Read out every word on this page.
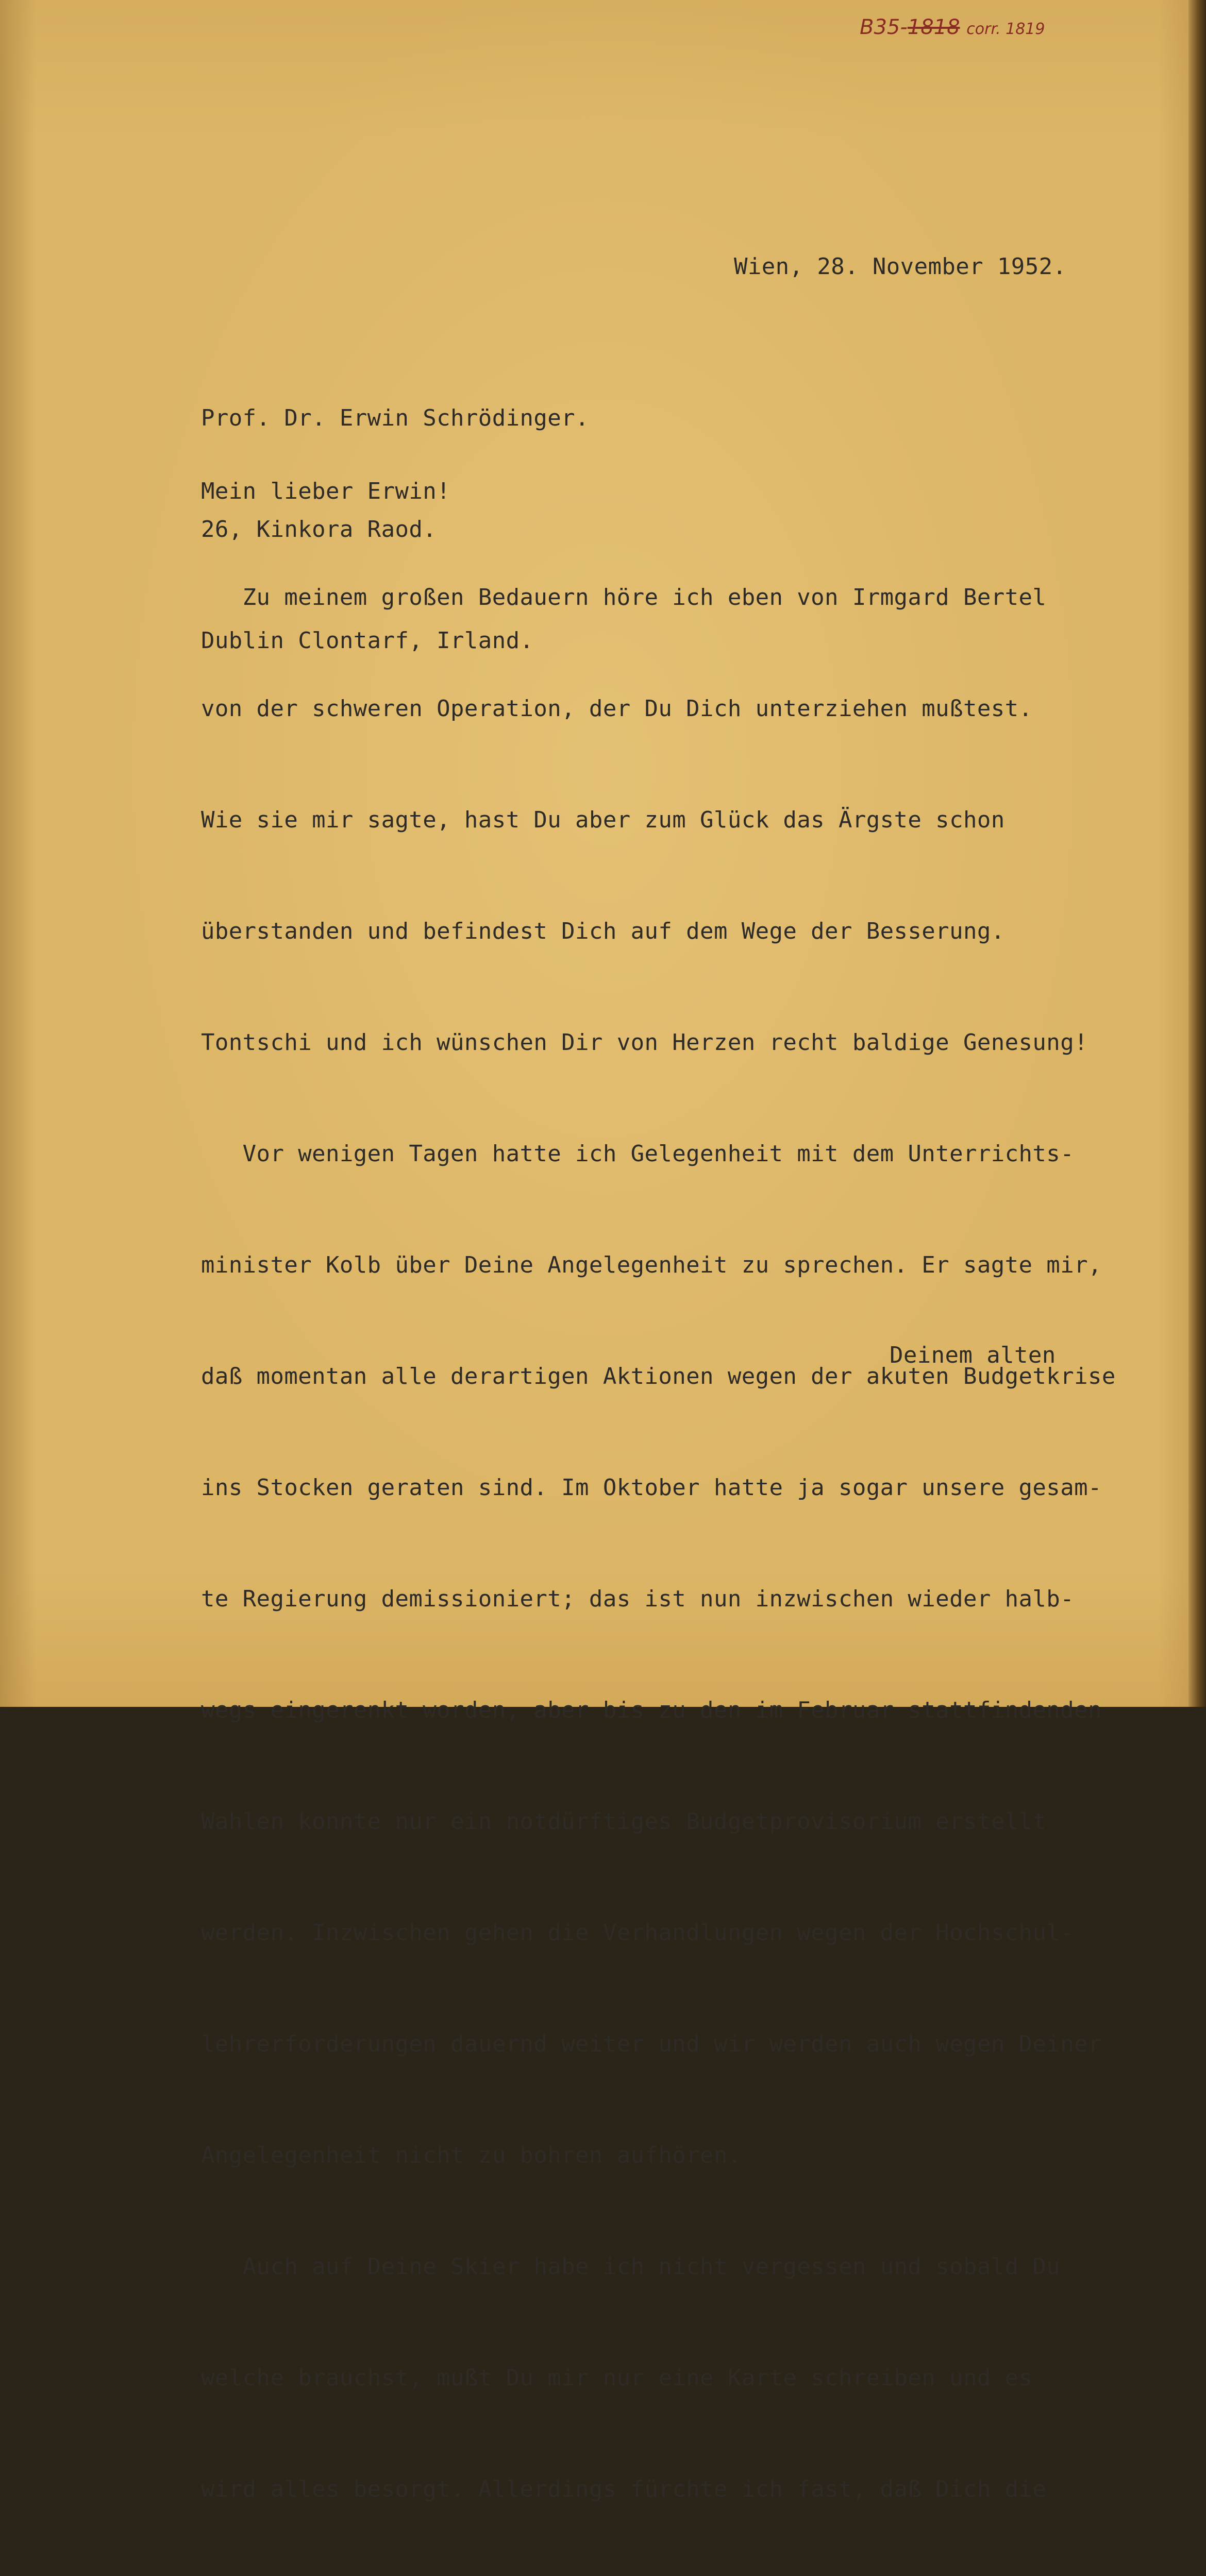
B35-1818 corr. 1819
Wien, 28. November 1952.

Prof. Dr. Erwin Schrödinger.

26, Kinkora Raod.

Dublin Clontarf, Irland.

Mein lieber Erwin!

Zu meinem großen Bedauern höre ich eben von Irmgard Bertel

von der schweren Operation, der Du Dich unterziehen mußtest.

Wie sie mir sagte, hast Du aber zum Glück das Ärgste schon

überstanden und befindest Dich auf dem Wege der Besserung.

Tontschi und ich wünschen Dir von Herzen recht baldige Genesung!

Vor wenigen Tagen hatte ich Gelegenheit mit dem Unterrichts-

minister Kolb über Deine Angelegenheit zu sprechen. Er sagte mir,

daß momentan alle derartigen Aktionen wegen der akuten Budgetkrise

ins Stocken geraten sind. Im Oktober hatte ja sogar unsere gesam-

te Regierung demissioniert; das ist nun inzwischen wieder halb-

wegs eingerenkt worden, aber bis zu den im Februar stattfindenden

Wahlen konnte nur ein notdürftiges Budgetprovisorium erstellt

werden. Inzwischen gehen die Verhandlungen wegen der Hochschul-

lehrerforderungen dauernd weiter und wir werden auch wegen Deiner

Angelegenheit nicht zu bohren aufhören.

Auch auf Deine Skier habe ich nicht vergessen und sobald Du

welche brauchst, mußt Du mir nur eine Karte schreiben und es

wird alles besorgt. Allerdings fürchte ich fast, daß Dich die

Deinem alten
